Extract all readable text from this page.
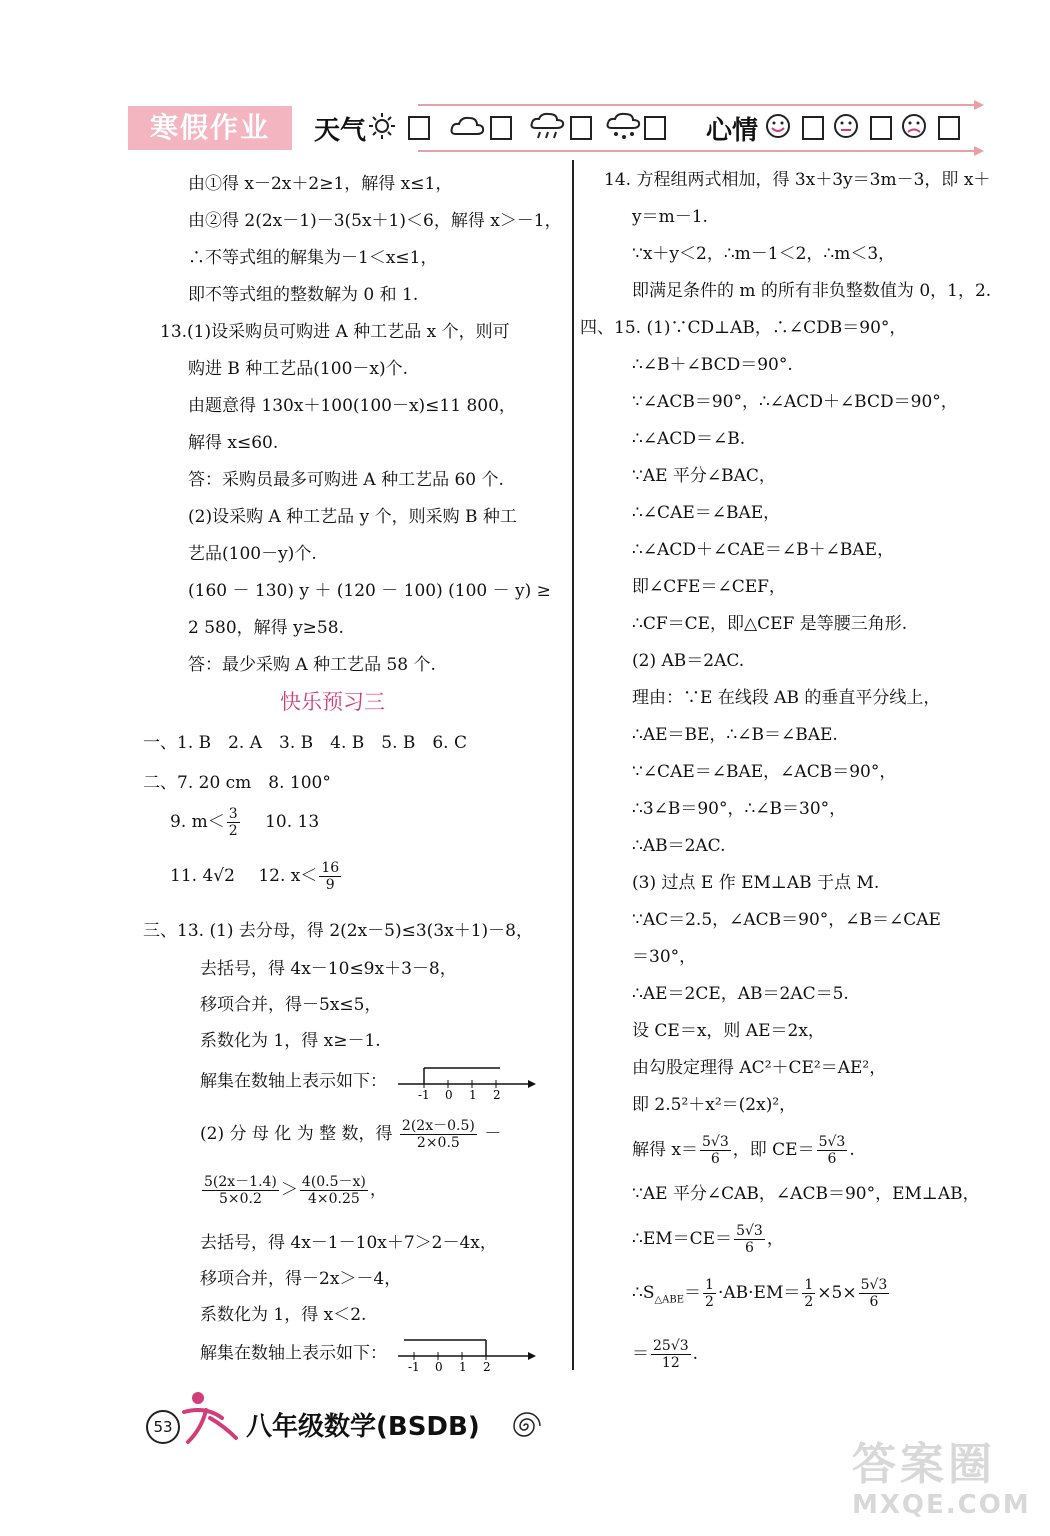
寒假作业	天气	心情
由①得 x－2x＋2≥1，解得 x≤1，
由②得 2(2x－1)－3(5x＋1)＜6，解得 x＞－1，
∴不等式组的解集为－1＜x≤1，
即不等式组的整数解为 0 和 1.
13.(1)设采购员可购进 A 种工艺品 x 个，则可
购进 B 种工艺品(100－x)个.
由题意得 130x＋100(100－x)≤11 800，
解得 x≤60.
答：采购员最多可购进 A 种工艺品 60 个.
(2)设采购 A 种工艺品 y 个，则采购 B 种工
艺品(100－y)个.
(160 － 130) y ＋ (120 － 100) (100 － y) ≥
2 580，解得 y≥58.
答：最少采购 A 种工艺品 58 个.
快乐预习三
一、1. B　2. A　3. B　4. B　5. B　6. C
二、7. 20 cm　8. 100°
9. $m< \frac{3}{2} 10$. 13
11. 4√2 12. $x< \frac{16}{9}$
三、13. (1) 去分母，得 2(2x－5)≤3(3x＋1)－8，
去括号，得 4x－10≤9x＋3－8，
移项合并，得－5x≤5，
系数化为 1，得 x≥－1.
解集在数轴上表示如下：
-1 0 1 2
(2) 分 母 化 为 整 数，得 $\frac{2(2x-0.5)}{2\times 0.5}$ －
$\frac{5(2x-1.4)}{5\times 0.2} > \frac{4(0.5-x)}{4\times 0.25}$ ，
去括号，得 4x－1－10x＋7＞2－4x，
移项合并，得－2x＞－4，
系数化为 1，得 x＜2.
解集在数轴上表示如下：
-1 0 1 2
14. 方程组两式相加，得 3x＋3y＝3m－3，即 x＋
y＝m－1.
∵x＋y＜2，∴m－1＜2，∴m＜3，
即满足条件的 m 的所有非负整数值为 0，1，2.
四、15. (1)∵CD⊥AB，∴∠CDB＝90°，
∴∠B＋∠BCD＝90°.
∵∠ACB＝90°，∴∠ACD＋∠BCD＝90°，
∴∠ACD＝∠B.
∵AE 平分∠BAC，
∴∠CAE＝∠BAE，
∴∠ACD＋∠CAE＝∠B＋∠BAE，
即∠CFE＝∠CEF，
∴CF＝CE，即△CEF 是等腰三角形.
(2) AB＝2AC.
理由：∵E 在线段 AB 的垂直平分线上，
∴AE＝BE，∴∠B＝∠BAE.
∵∠CAE＝∠BAE，∠ACB＝90°，
∴3∠B＝90°，∴∠B＝30°，
∴AB＝2AC.
(3) 过点 E 作 EM⊥AB 于点 M.
∵AC＝2.5，∠ACB＝90°，∠B＝∠CAE
＝30°，
∴AE＝2CE，AB＝2AC＝5.
设 CE＝x，则 AE＝2x，
由勾股定理得 AC²＋CE²＝AE²，
即 2.5²＋x²＝(2x)²，
解得 $x= \frac{5√3}{6}$ ，即 $CE= \frac{5√3}{6}$ .
∵AE 平分∠CAB，∠ACB＝90°，EM⊥AB，
∴EM＝CE＝ $\frac{5√3}{6}$ ，
$\therefore S_{\triangle ABE}= \frac{1}{2} \cdot AB\cdot EM= \frac{1}{2} \times 5\times \frac{5√3}{6}$
＝ $\frac{25√3}{12}$ .
53	八年级数学(BSDB)
答案圈
MXQE.COM
